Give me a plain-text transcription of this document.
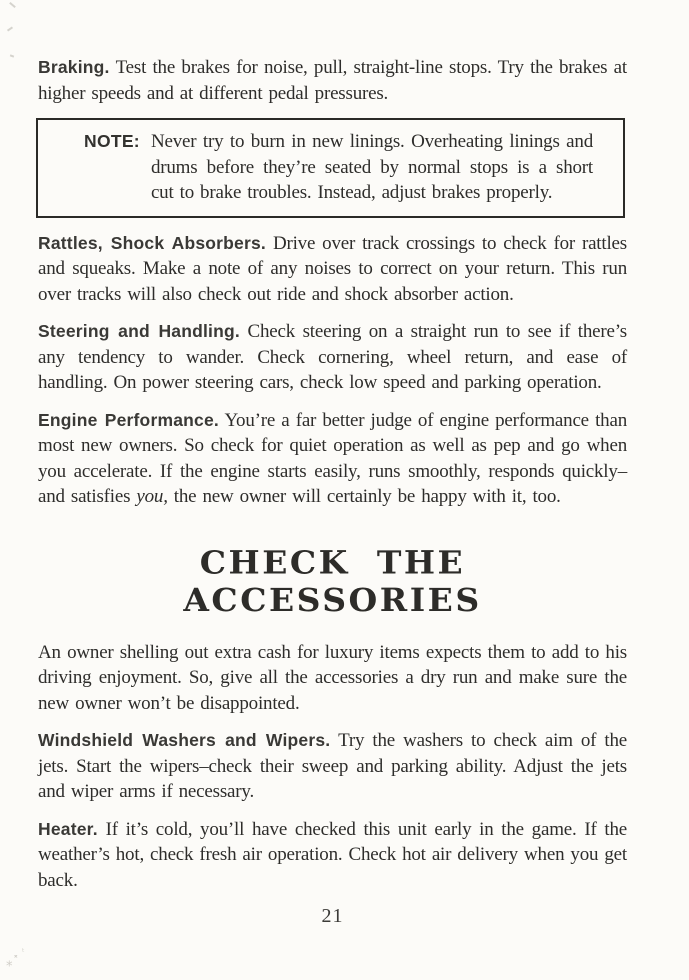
Braking. Test the brakes for noise, pull, straight-line stops. Try the brakes at higher speeds and at different pedal pressures.

NOTE: Never try to burn in new linings. Overheating linings and drums before they’re seated by normal stops is a short cut to brake troubles. Instead, adjust brakes properly.

Rattles, Shock Absorbers. Drive over track crossings to check for rattles and squeaks. Make a note of any noises to correct on your return. This run over tracks will also check out ride and shock absorber action.

Steering and Handling. Check steering on a straight run to see if there’s any tendency to wander. Check cornering, wheel return, and ease of handling. On power steering cars, check low speed and parking operation.

Engine Performance. You’re a far better judge of engine performance than most new owners. So check for quiet operation as well as pep and go when you accelerate. If the engine starts easily, runs smoothly, responds quickly–and satisfies you, the new owner will certainly be happy with it, too.

CHECK THE ACCESSORIES

An owner shelling out extra cash for luxury items expects them to add to his driving enjoyment. So, give all the accessories a dry run and make sure the new owner won’t be disappointed.

Windshield Washers and Wipers. Try the washers to check aim of the jets. Start the wipers–check their sweep and parking ability. Adjust the jets and wiper arms if necessary.

Heater. If it’s cold, you’ll have checked this unit early in the game. If the weather’s hot, check fresh air operation. Check hot air delivery when you get back.

21
⁎˟
ᵗ
